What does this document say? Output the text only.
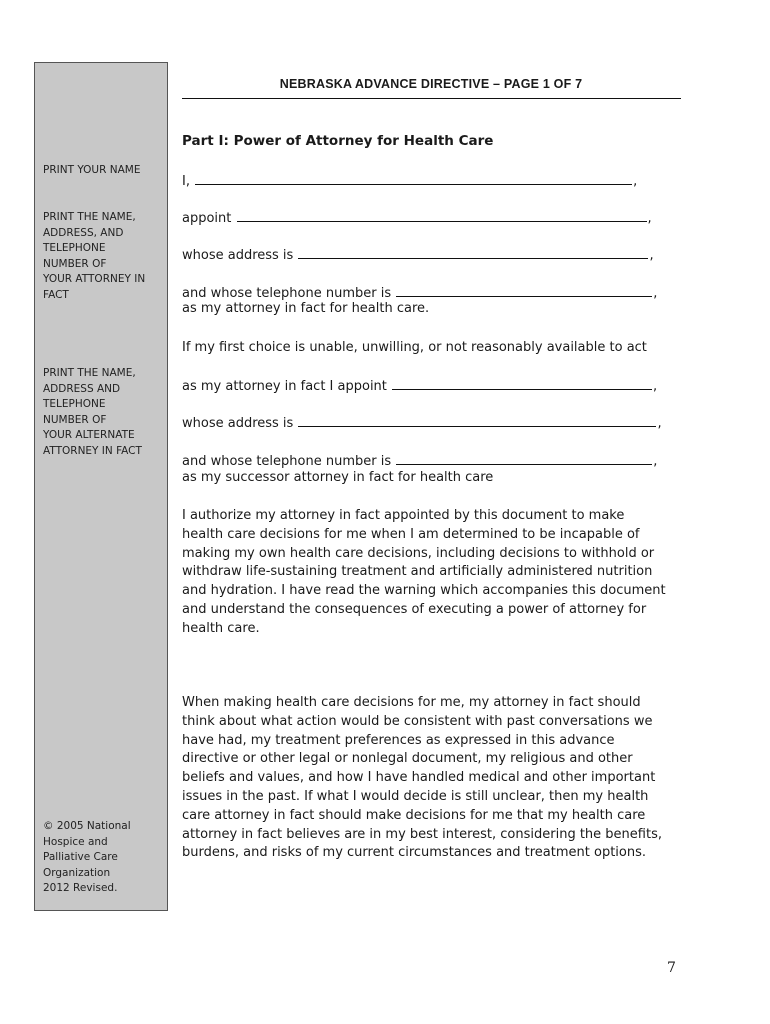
PRINT YOUR NAME
PRINT THE NAME,
ADDRESS, AND
TELEPHONE
NUMBER OF
YOUR ATTORNEY IN
FACT
PRINT THE NAME,
ADDRESS AND
TELEPHONE
NUMBER OF
YOUR ALTERNATE
ATTORNEY IN FACT
© 2005 National
Hospice and
Palliative Care
Organization
2012 Revised.
NEBRASKA ADVANCE DIRECTIVE – PAGE 1 OF 7
Part I: Power of Attorney for Health Care
I,	,
appoint	,
whose address is	,
and whose telephone number is	,
as my attorney in fact for health care.
If my first choice is unable, unwilling, or not reasonably available to act
as my attorney in fact I appoint	,
whose address is	,
and whose telephone number is	,
as my successor attorney in fact for health care
I authorize my attorney in fact appointed by this document to make
health care decisions for me when I am determined to be incapable of
making my own health care decisions, including decisions to withhold or
withdraw life-sustaining treatment and artificially administered nutrition
and hydration. I have read the warning which accompanies this document
and understand the consequences of executing a power of attorney for
health care.
When making health care decisions for me, my attorney in fact should
think about what action would be consistent with past conversations we
have had, my treatment preferences as expressed in this advance
directive or other legal or nonlegal document, my religious and other
beliefs and values, and how I have handled medical and other important
issues in the past. If what I would decide is still unclear, then my health
care attorney in fact should make decisions for me that my health care
attorney in fact believes are in my best interest, considering the benefits,
burdens, and risks of my current circumstances and treatment options.
7
